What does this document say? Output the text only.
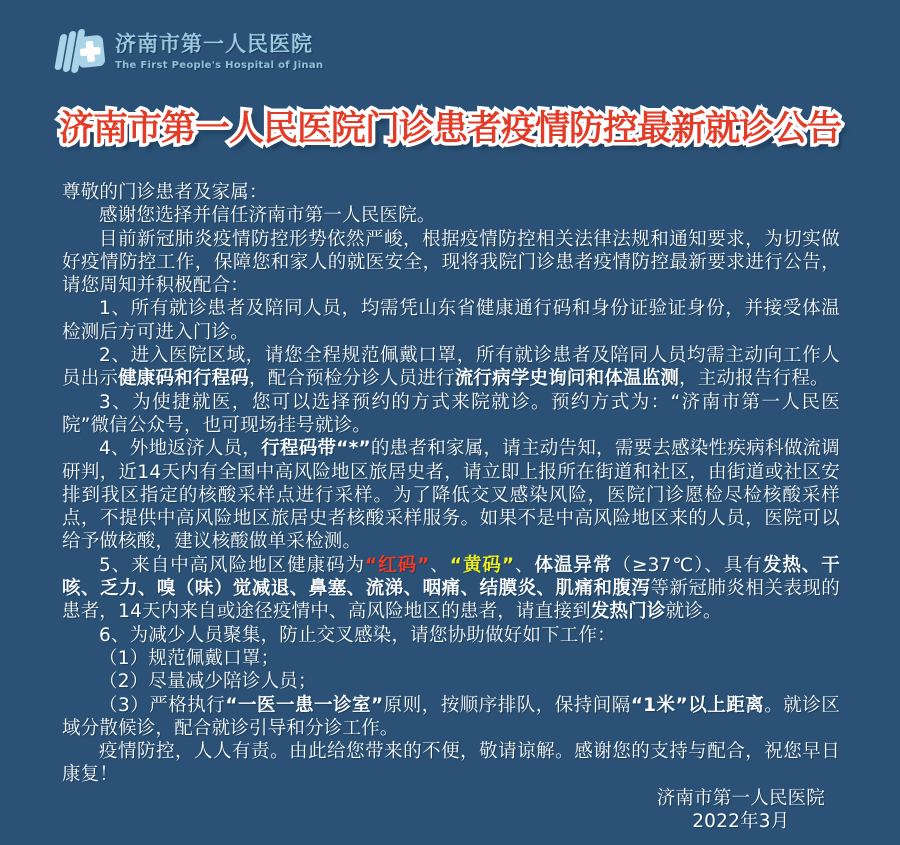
济南市第一人民医院
The First People's Hospital of Jinan
济南市第一人民医院门诊患者疫情防控最新就诊公告 济南市第一人民医院门诊患者疫情防控最新就诊公告

尊敬的门诊患者及家属：

感谢您选择并信任济南市第一人民医院。

目前新冠肺炎疫情防控形势依然严峻，根据疫情防控相关法律法规和通知要求，为切实做好疫情防控工作，保障您和家人的就医安全，现将我院门诊患者疫情防控最新要求进行公告，请您周知并积极配合：

1、所有就诊患者及陪同人员，均需凭山东省健康通行码和身份证验证身份，并接受体温检测后方可进入门诊。

2、进入医院区域，请您全程规范佩戴口罩，所有就诊患者及陪同人员均需主动向工作人员出示健康码和行程码，配合预检分诊人员进行流行病学史询问和体温监测，主动报告行程。

3、为使捷就医，您可以选择预约的方式来院就诊。预约方式为：“济南市第一人民医院”微信公众号，也可现场挂号就诊。

4、外地返济人员，行程码带“*”的患者和家属，请主动告知，需要去感染性疾病科做流调研判，近14天内有全国中高风险地区旅居史者，请立即上报所在街道和社区，由街道或社区安排到我区指定的核酸采样点进行采样。为了降低交叉感染风险，医院门诊愿检尽检核酸采样点，不提供中高风险地区旅居史者核酸采样服务。如果不是中高风险地区来的人员，医院可以给予做核酸，建议核酸做单采检测。

5、来自中高风险地区健康码为“红码”、“黄码”、体温异常（≥37℃）、具有发热、干咳、乏力、嗅（味）觉减退、鼻塞、流涕、咽痛、结膜炎、肌痛和腹泻等新冠肺炎相关表现的患者，14天内来自或途径疫情中、高风险地区的患者，请直接到发热门诊就诊。

6、为减少人员聚集，防止交叉感染，请您协助做好如下工作：

（1）规范佩戴口罩；

（2）尽量减少陪诊人员；

（3）严格执行“一医一患一诊室”原则，按顺序排队，保持间隔“1米”以上距离。就诊区域分散候诊，配合就诊引导和分诊工作。

疫情防控，人人有责。由此给您带来的不便，敬请谅解。感谢您的支持与配合，祝您早日康复！

济南市第一人民医院
2022年3月
